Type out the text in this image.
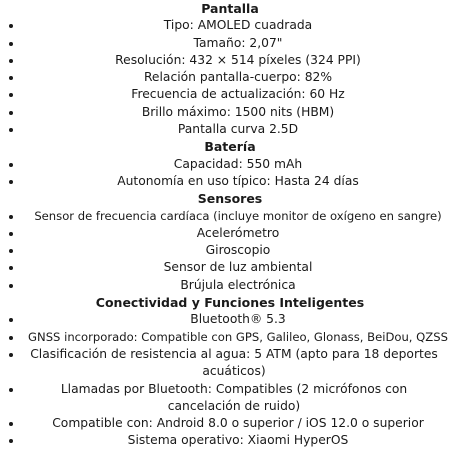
Pantalla
Tipo: AMOLED cuadrada
Tamaño: 2,07"
Resolución: 432 × 514 píxeles (324 PPI)
Relación pantalla-cuerpo: 82%
Frecuencia de actualización: 60 Hz
Brillo máximo: 1500 nits (HBM)
Pantalla curva 2.5D
Batería
Capacidad: 550 mAh
Autonomía en uso típico: Hasta 24 días
Sensores
Sensor de frecuencia cardíaca (incluye monitor de oxígeno en sangre)
Acelerómetro
Giroscopio
Sensor de luz ambiental
Brújula electrónica
Conectividad y Funciones Inteligentes
Bluetooth® 5.3
GNSS incorporado: Compatible con GPS, Galileo, Glonass, BeiDou, QZSS
Clasificación de resistencia al agua: 5 ATM (apto para 18 deportes acuáticos)
Llamadas por Bluetooth: Compatibles (2 micrófonos con cancelación de ruido)
Compatible con: Android 8.0 o superior / iOS 12.0 o superior
Sistema operativo: Xiaomi HyperOS
